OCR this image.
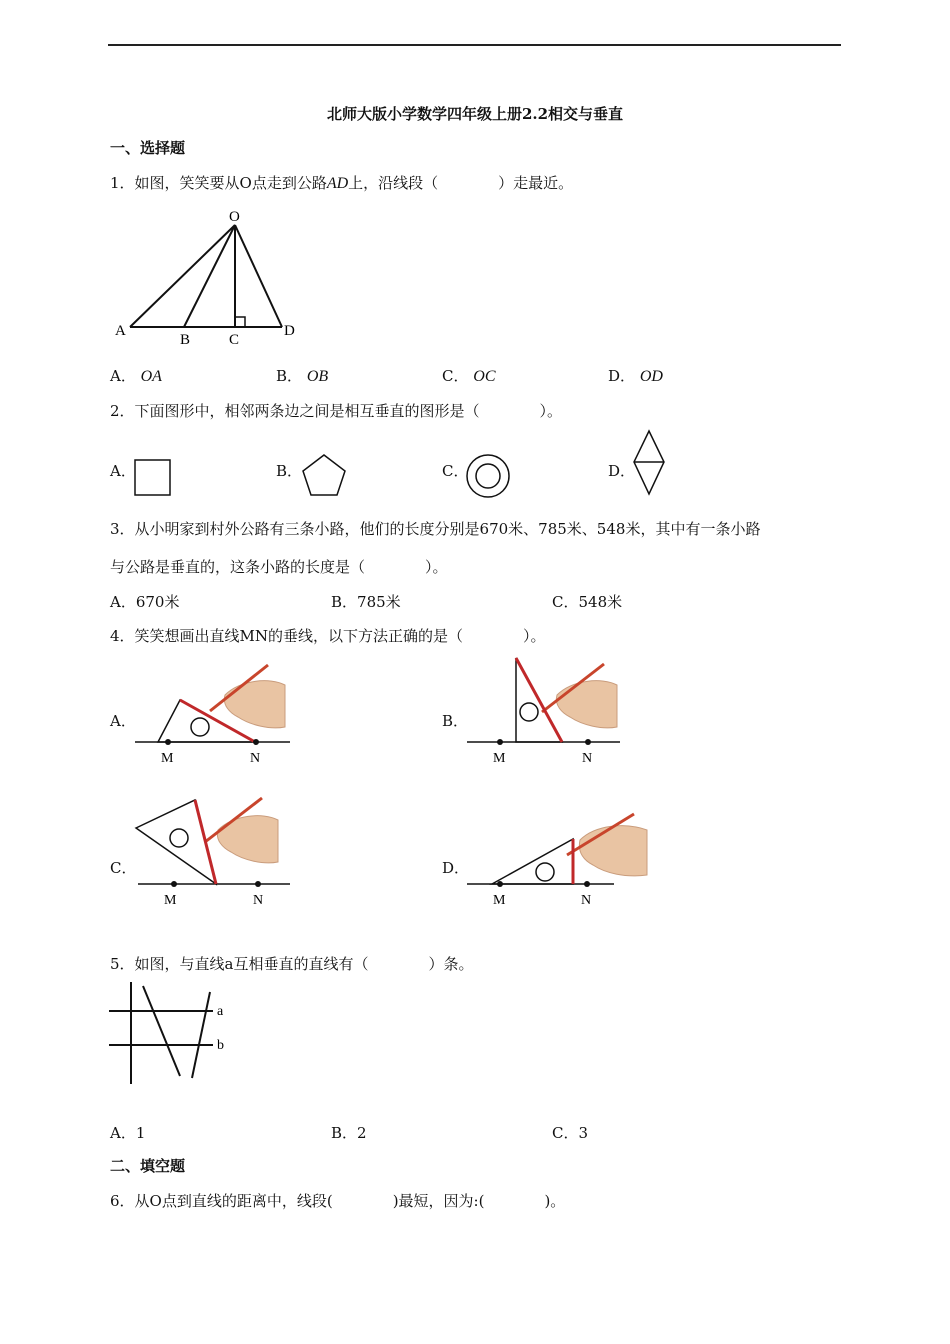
北师大版小学数学四年级上册2.2相交与垂直
一、选择题
1．如图，笑笑要从O点走到公路AD上，沿线段（　　　　）走最近。
O
A
B	C
D
A． OA	B． OB	C． OC	D． OD
2．下面图形中，相邻两条边之间是相互垂直的图形是（　　　　）。
A．	B．	C．	D．
3．从小明家到村外公路有三条小路，他们的长度分别是670米、785米、548米，其中有一条小路
与公路是垂直的，这条小路的长度是（　　　　）。
A．670米	B．785米	C．548米
4．笑笑想画出直线MN的垂线，以下方法正确的是（　　　　）。
A．
M	N
B．
M	N
C．
M	N
D．
M	N
5．如图，与直线a互相垂直的直线有（　　　　）条。
a
b
A．1	B．2	C．3
二、填空题
6．从O点到直线的距离中，线段(　　　　)最短，因为:(　　　　)。
